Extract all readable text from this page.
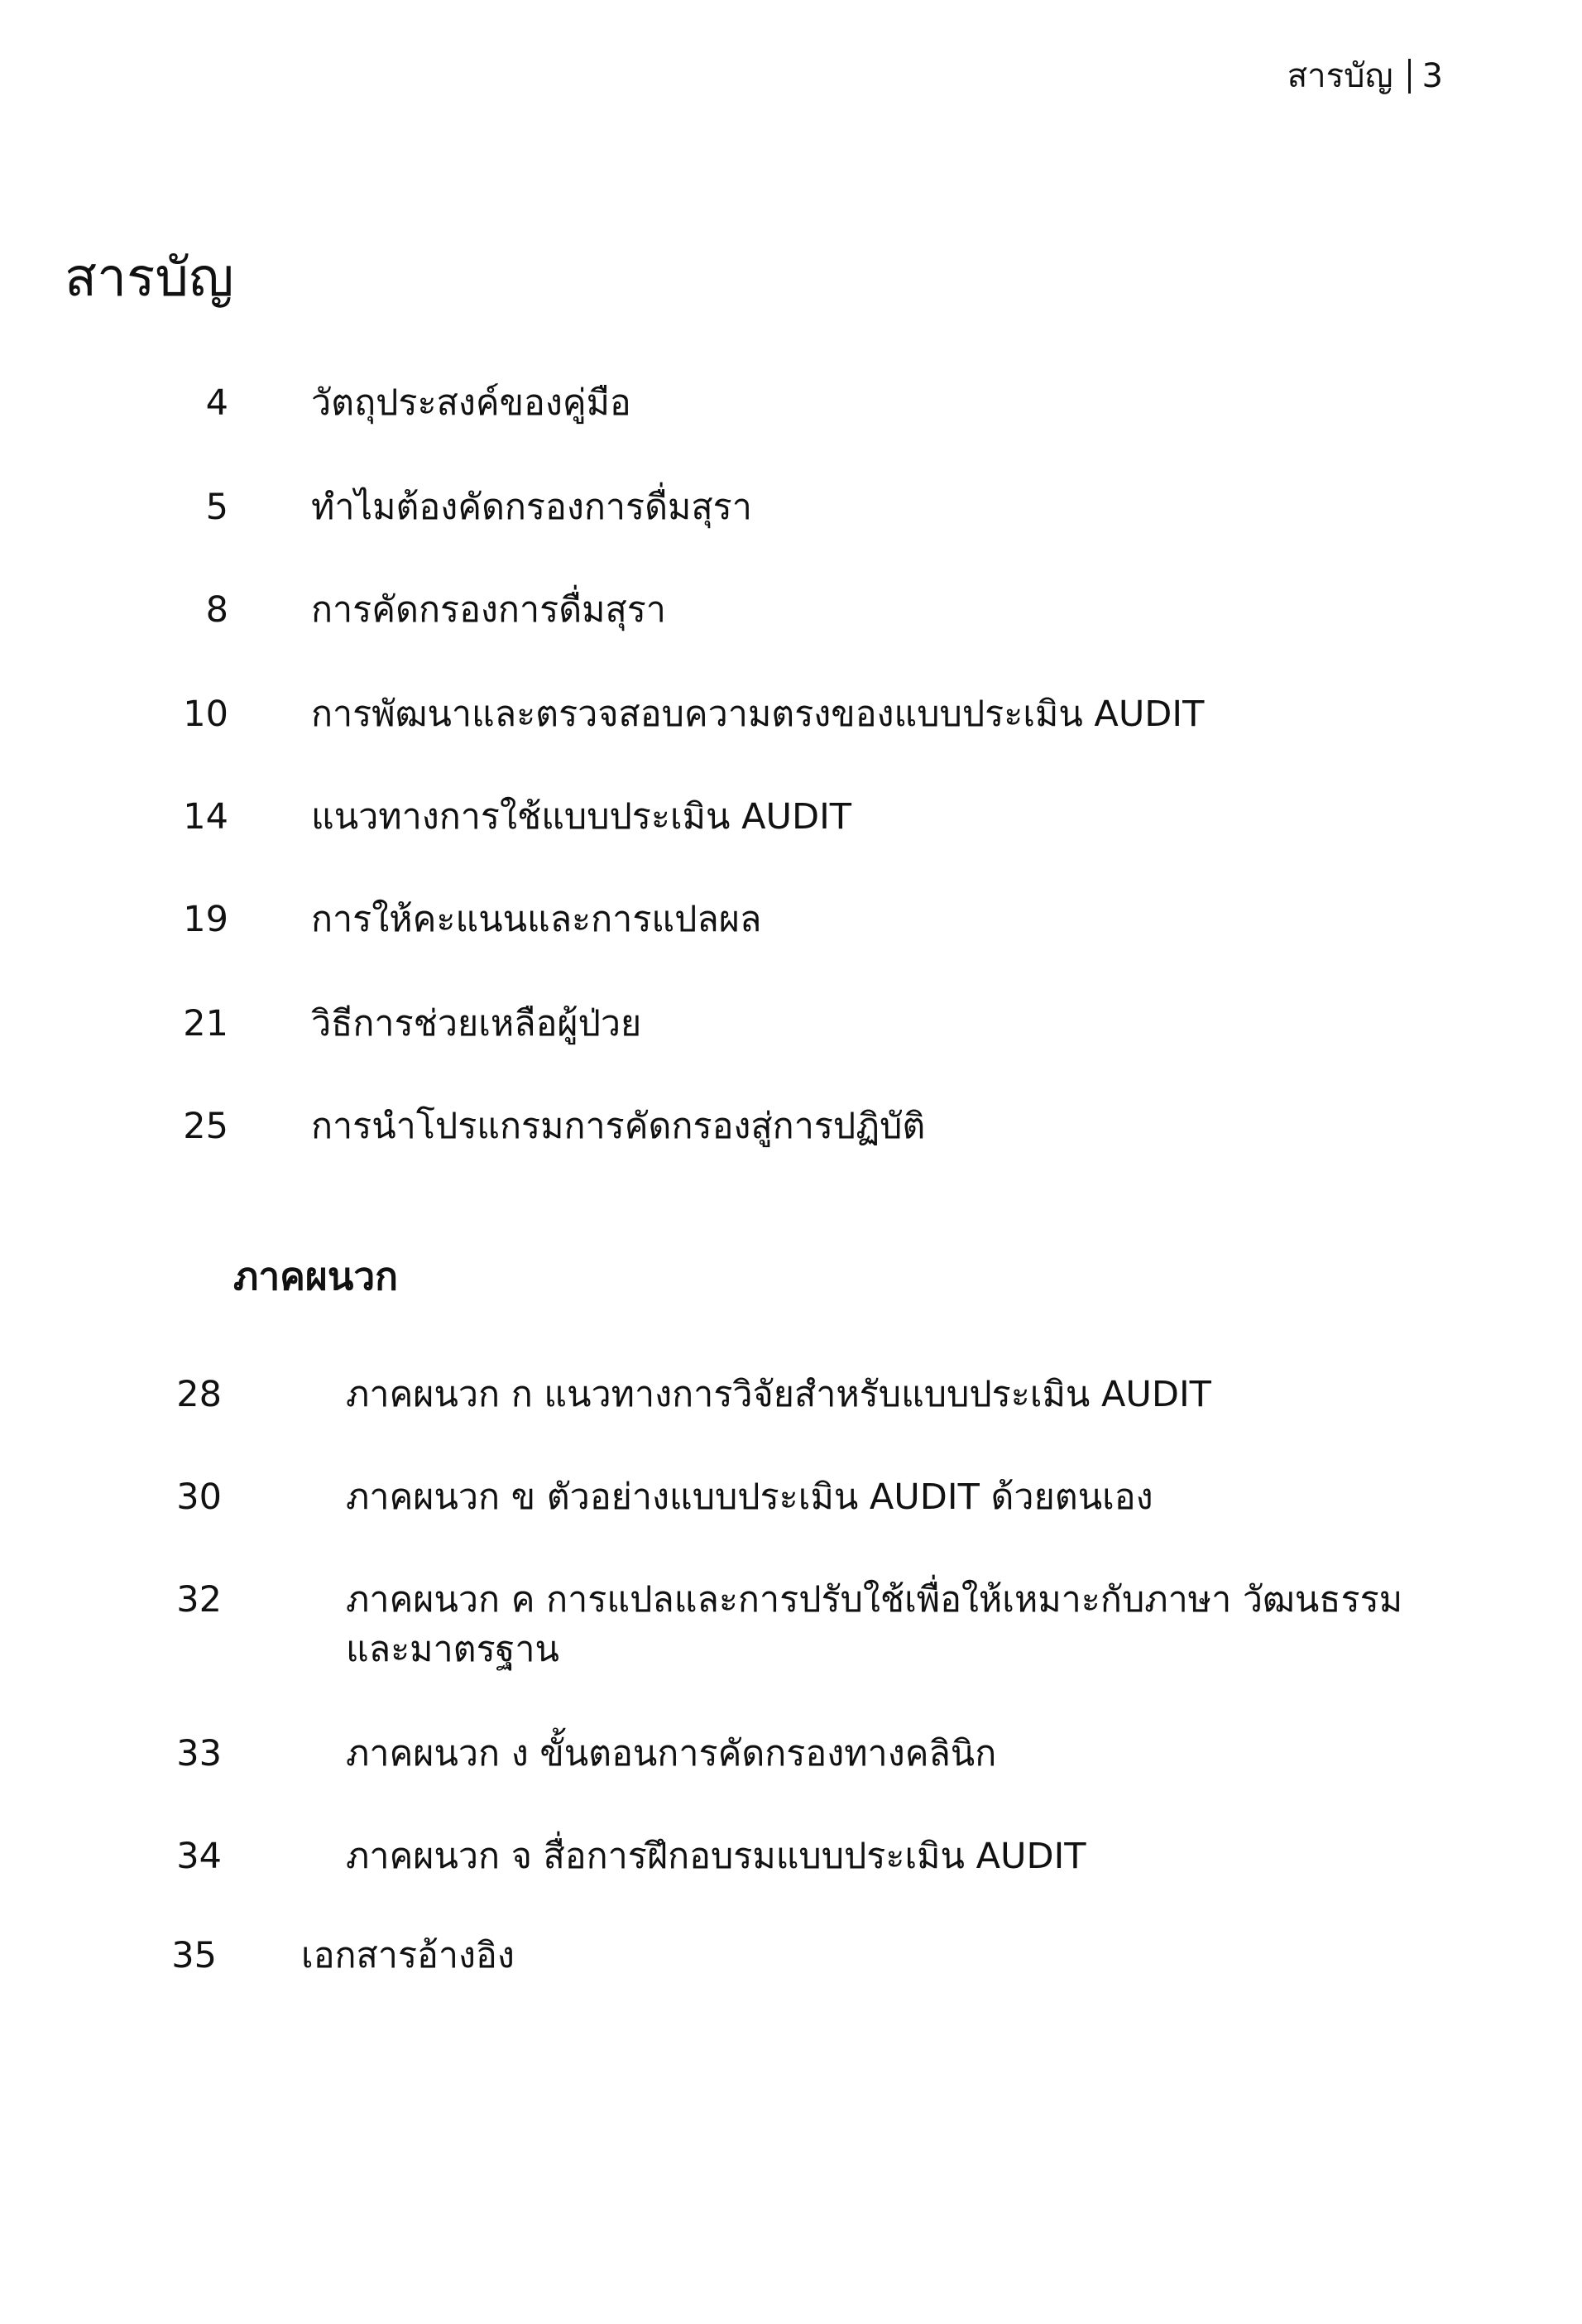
สารบัญ 3
สารบัญ
4 วัตถุประสงค์ของคู่มือ
5 ทำไมต้องคัดกรองการดื่มสุรา
8 การคัดกรองการดื่มสุรา
10 การพัฒนาและตรวจสอบความตรงของแบบประเมิน AUDIT
14 แนวทางการใช้แบบประเมิน AUDIT
19 การให้คะแนนและการแปลผล
21 วิธีการช่วยเหลือผู้ป่วย
25 การนำโปรแกรมการคัดกรองสู่การปฏิบัติ
ภาคผนวก
28	ภาคผนวก ก แนวทางการวิจัยสำหรับแบบประเมิน AUDIT
30	ภาคผนวก ข ตัวอย่างแบบประเมิน AUDIT ด้วยตนเอง
32	ภาคผนวก ค การแปลและการปรับใช้เพื่อให้เหมาะกับภาษา วัฒนธรรม
และมาตรฐาน
33	ภาคผนวก ง ขั้นตอนการคัดกรองทางคลินิก
34	ภาคผนวก จ สื่อการฝึกอบรมแบบประเมิน AUDIT
35 เอกสารอ้างอิง
